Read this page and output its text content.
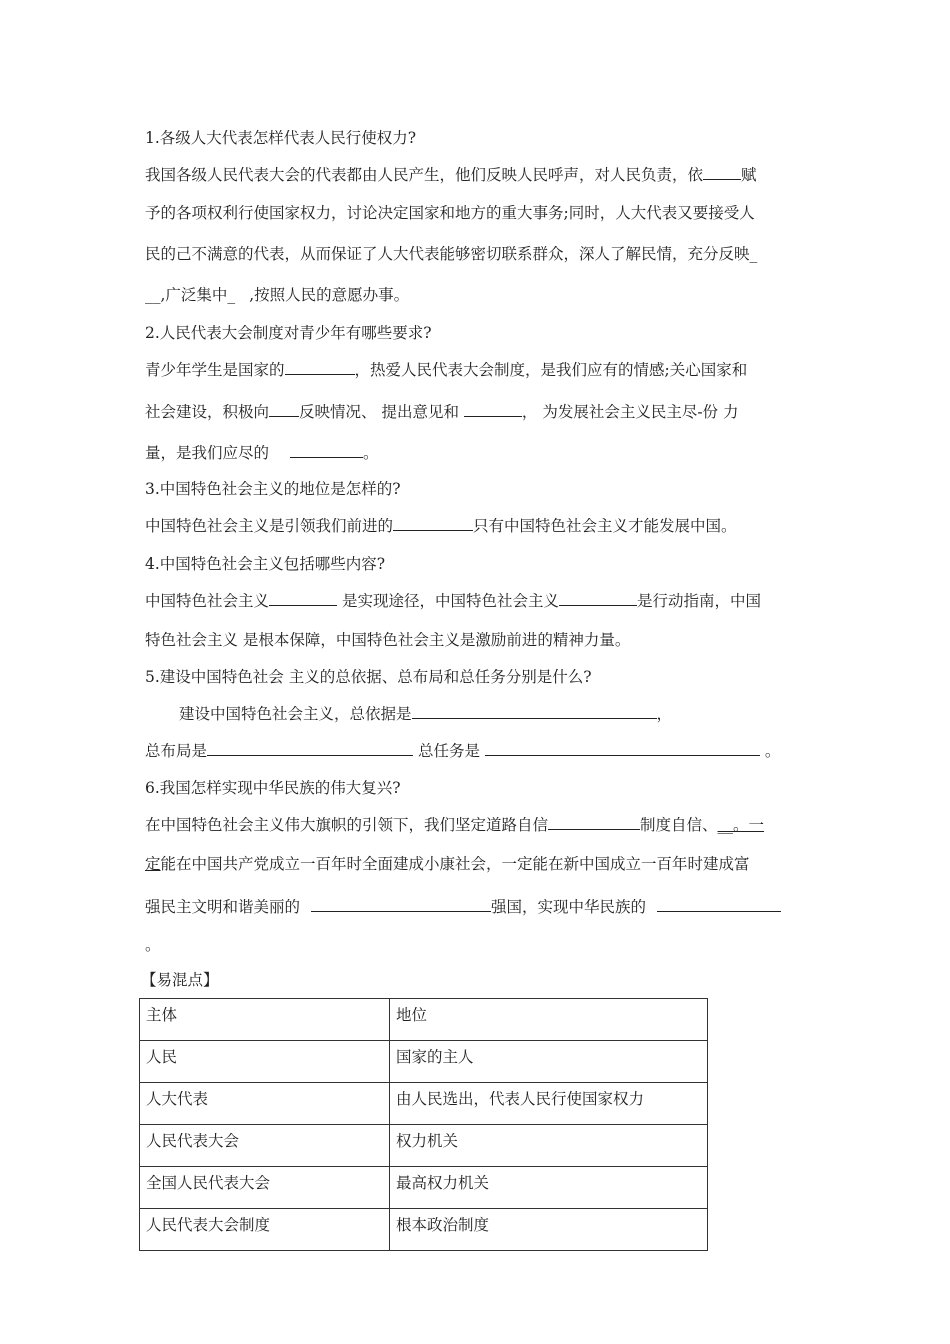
1.各级人大代表怎样代表人民行使权力?
我国各级人民代表大会的代表都由人民产生，他们反映人民呼声，对人民负责，依 赋
予的各项权利行使国家权力，讨论决定国家和地方的重大事务;同时，人大代表又要接受人
民的己不满意的代表，从而保证了人大代表能够密切联系群众，深人了解民情，充分反映_
__,广泛集中_ ,按照人民的意愿办事。
2.人民代表大会制度对青少年有哪些要求?
青少年学生是国家的	，热爱人民代表大会制度，是我们应有的情感;关心国家和
社会建设，积极向 反映情况、 提出意见和	， 为发展社会主义民主尽-份 力
量，是我们应尽的	。
3.中国特色社会主义的地位是怎样的?
中国特色社会主义是引领我们前进的	只有中国特色社会主义才能发展中国。
4.中国特色社会主义包括哪些内容?
中国特色社会主义	是实现途径，中国特色社会主义	是行动指南，中国
特色社会主义 是根本保障，中国特色社会主义是激励前进的精神力量。
5.建设中国特色社会 主义的总依据、总布局和总任务分别是什么?
建设中国特色社会主义，总依据是	，
总布局是	总任务是	。
6.我国怎样实现中华民族的伟大复兴?
在中国特色社会主义伟大旗帜的引领下，我们坚定道路自信	制度自信、__。一
定能在中国共产党成立一百年时全面建成小康社会，一定能在新中国成立一百年时建成富
强民主文明和谐美丽的	强国，实现中华民族的
。
【易混点】
主体	地位
人民	国家的主人
人大代表	由人民选出，代表人民行使国家权力
人民代表大会	权力机关
全国人民代表大会	最高权力机关
人民代表大会制度	根本政治制度
